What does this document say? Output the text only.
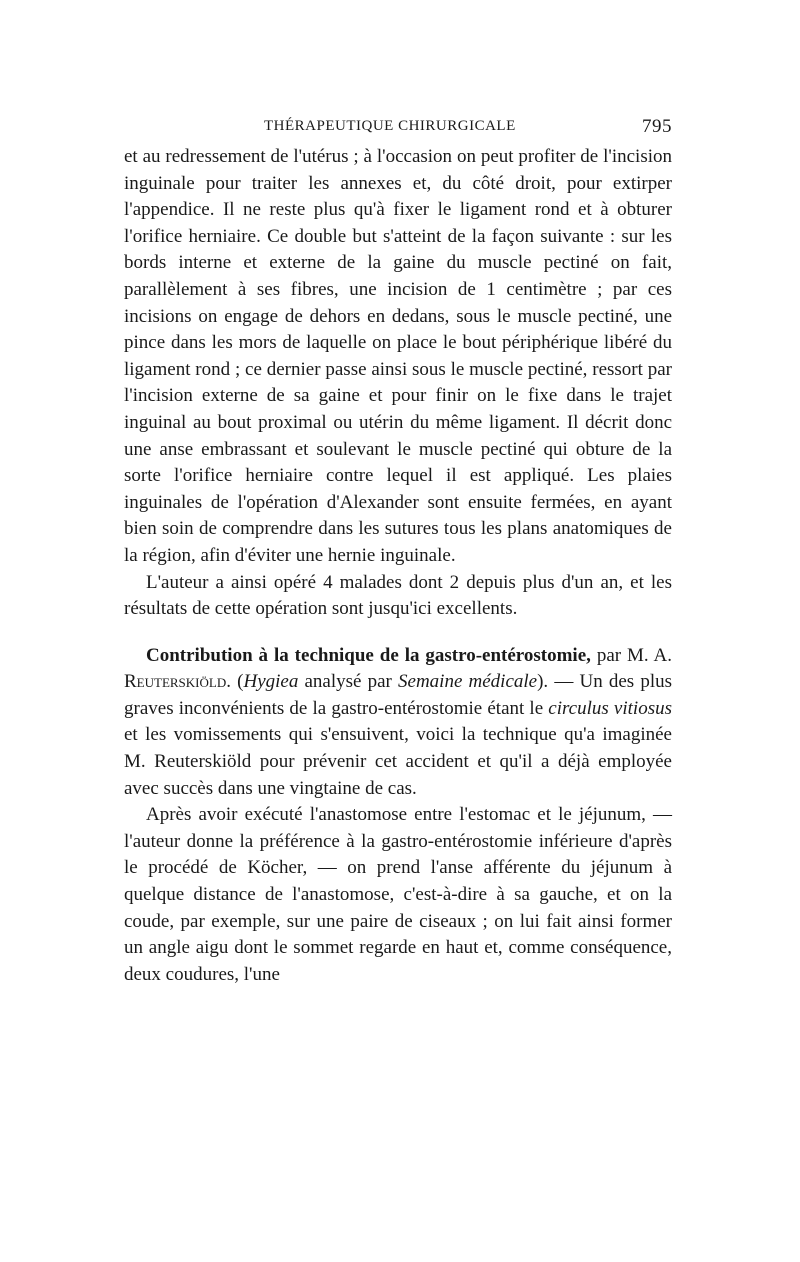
THÉRAPEUTIQUE CHIRURGICALE	795

et au redressement de l'utérus ; à l'occasion on peut profiter de l'incision inguinale pour traiter les annexes et, du côté droit, pour extirper l'appendice. Il ne reste plus qu'à fixer le ligament rond et à obturer l'orifice herniaire. Ce double but s'atteint de la façon suivante : sur les bords interne et externe de la gaine du muscle pectiné on fait, parallèlement à ses fibres, une incision de 1 centimètre ; par ces incisions on engage de dehors en dedans, sous le muscle pectiné, une pince dans les mors de laquelle on place le bout périphérique libéré du ligament rond ; ce dernier passe ainsi sous le muscle pectiné, ressort par l'incision externe de sa gaine et pour finir on le fixe dans le trajet inguinal au bout proximal ou utérin du même ligament. Il décrit donc une anse embrassant et soulevant le muscle pectiné qui obture de la sorte l'orifice herniaire contre lequel il est appliqué. Les plaies inguinales de l'opération d'Alexander sont ensuite fermées, en ayant bien soin de comprendre dans les sutures tous les plans anatomiques de la région, afin d'éviter une hernie inguinale.

L'auteur a ainsi opéré 4 malades dont 2 depuis plus d'un an, et les résultats de cette opération sont jusqu'ici excellents.

Contribution à la technique de la gastro-entérostomie, par M. A. Reuterskiöld. (Hygiea analysé par Semaine médicale). — Un des plus graves inconvénients de la gastro-entérostomie étant le circulus vitiosus et les vomissements qui s'ensuivent, voici la technique qu'a imaginée M. Reuterskiöld pour prévenir cet accident et qu'il a déjà employée avec succès dans une vingtaine de cas.

Après avoir exécuté l'anastomose entre l'estomac et le jéjunum, — l'auteur donne la préférence à la gastro-entérostomie inférieure d'après le procédé de Köcher, — on prend l'anse afférente du jéjunum à quelque distance de l'anastomose, c'est-à-dire à sa gauche, et on la coude, par exemple, sur une paire de ciseaux ; on lui fait ainsi former un angle aigu dont le sommet regarde en haut et, comme conséquence, deux coudures, l'une
